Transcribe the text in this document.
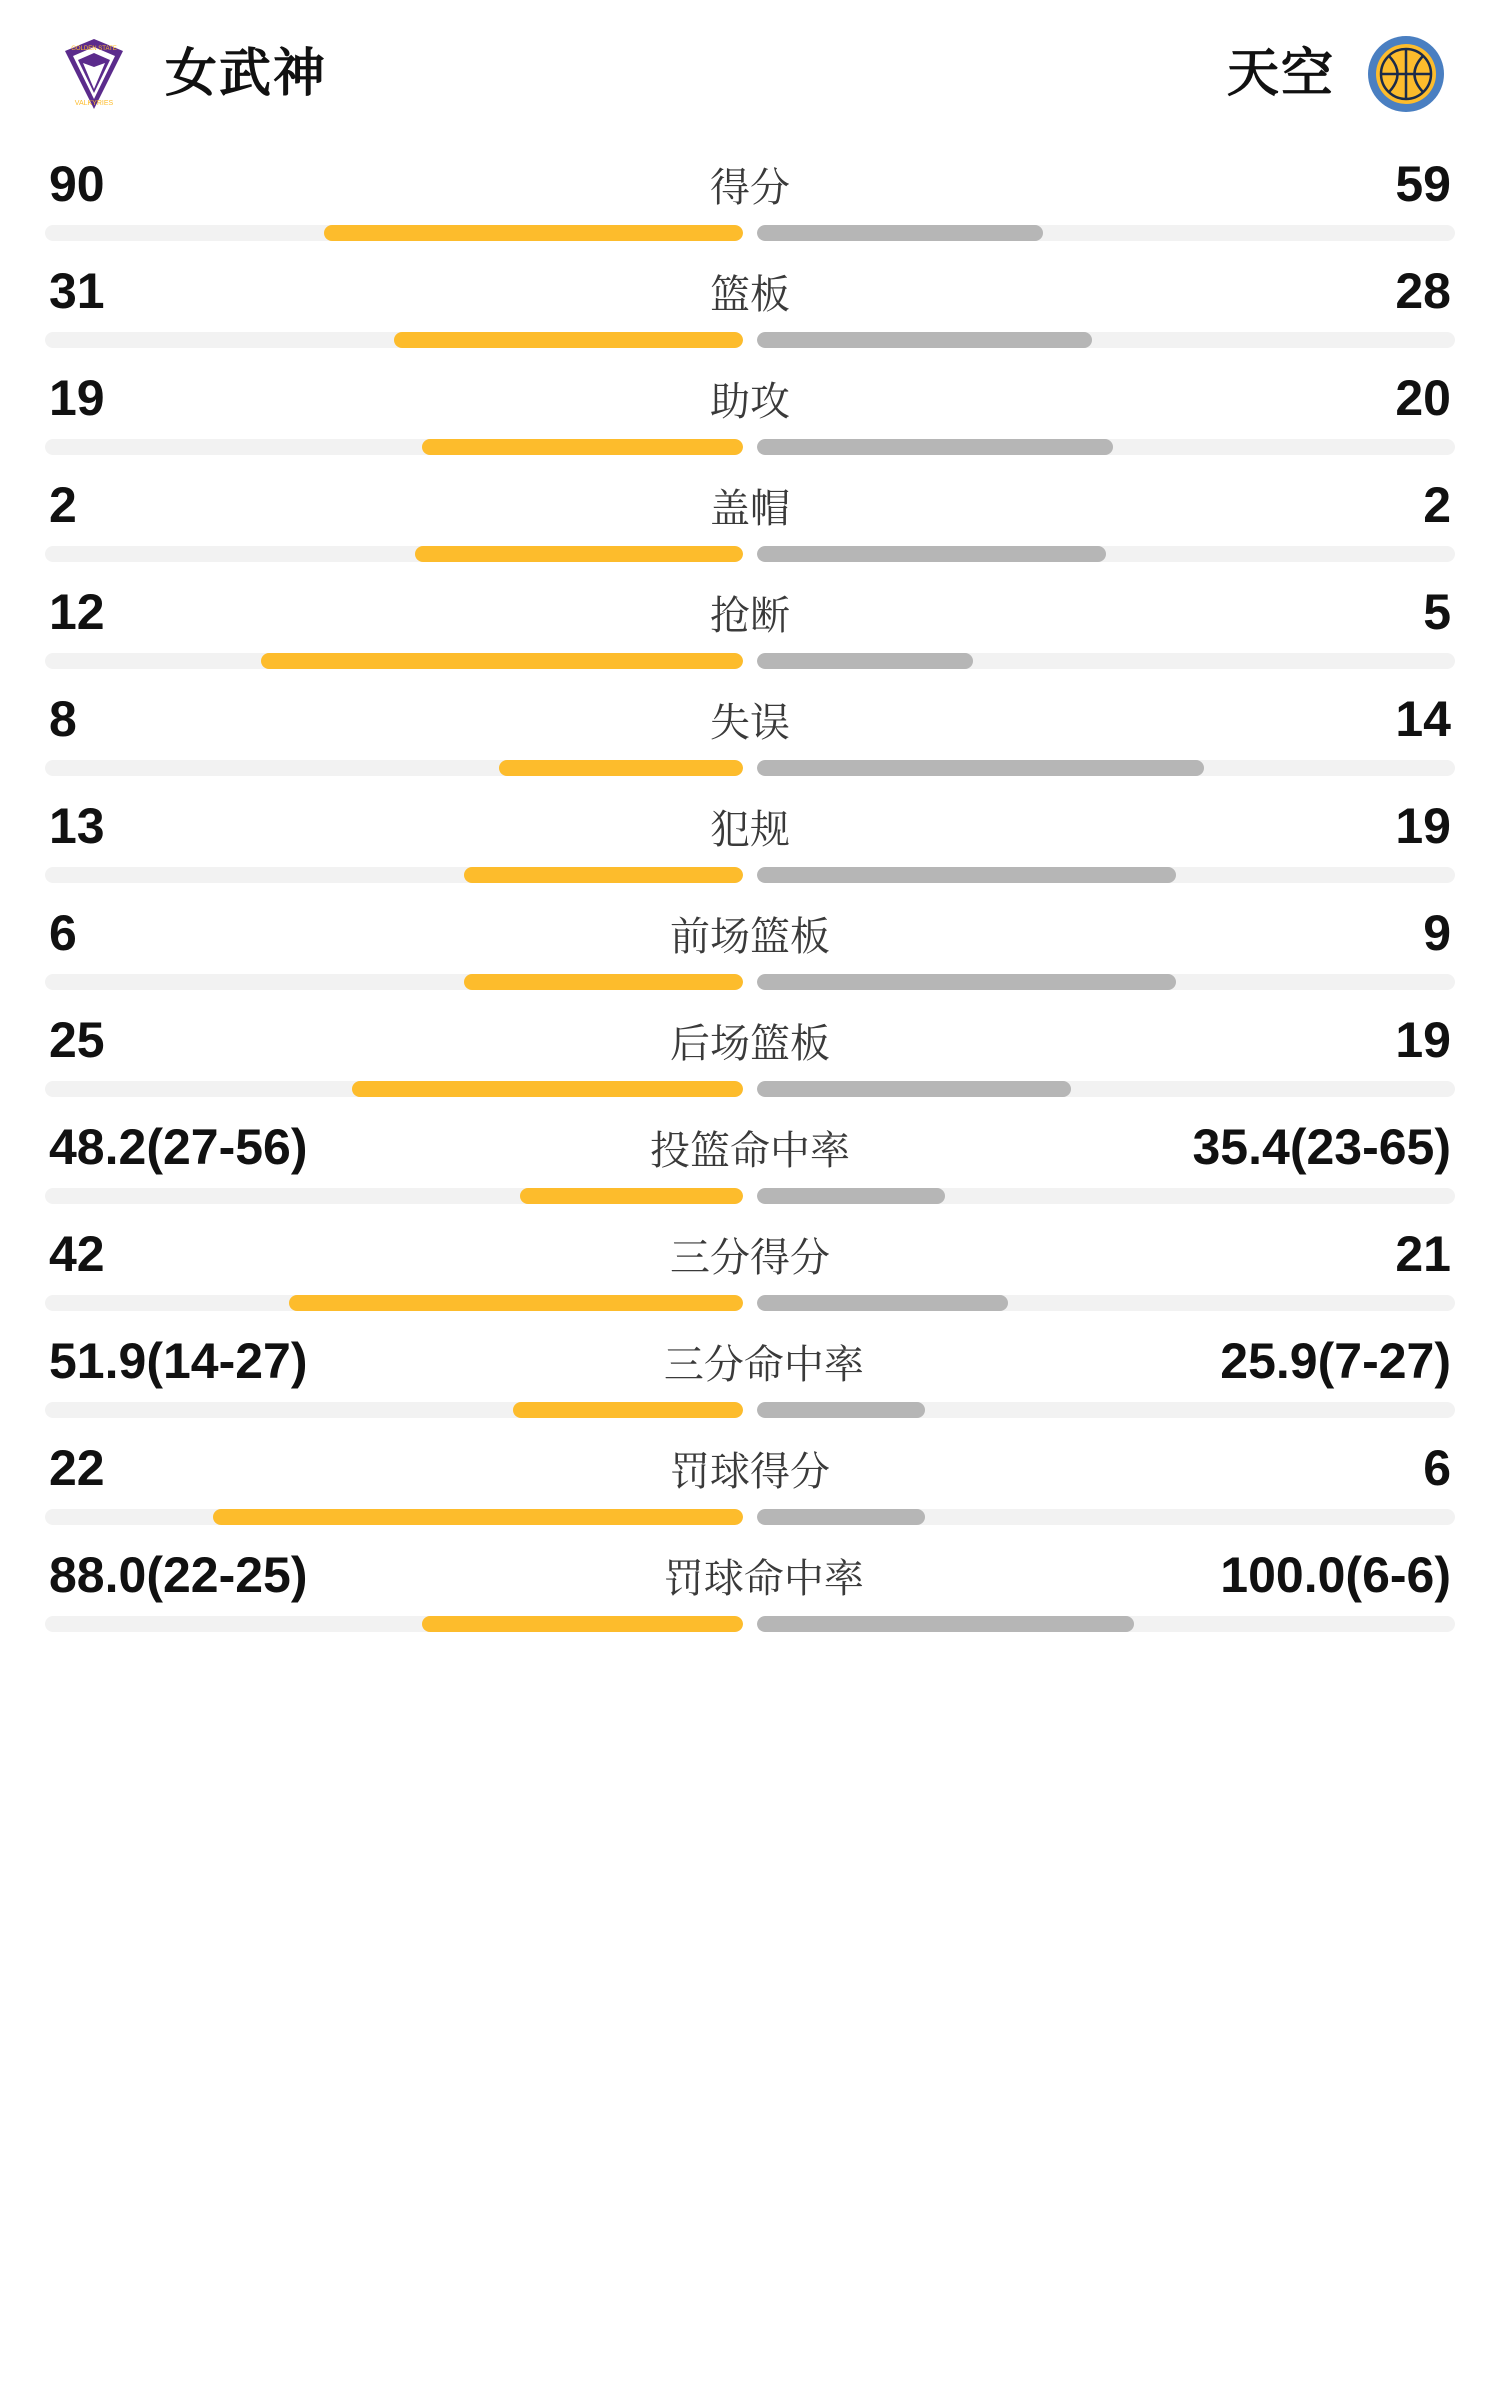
GOLDEN STATE
VALKYRIES
女武神	天空
90	得分	59
31	篮板	28
19	助攻	20
2	盖帽	2
12	抢断	5
8	失误	14
13	犯规	19
6	前场篮板	9
25	后场篮板	19
48.2(27-56)	投篮命中率	35.4(23-65)
42	三分得分	21
51.9(14-27)	三分命中率	25.9(7-27)
22	罚球得分	6
88.0(22-25)	罚球命中率	100.0(6-6)
